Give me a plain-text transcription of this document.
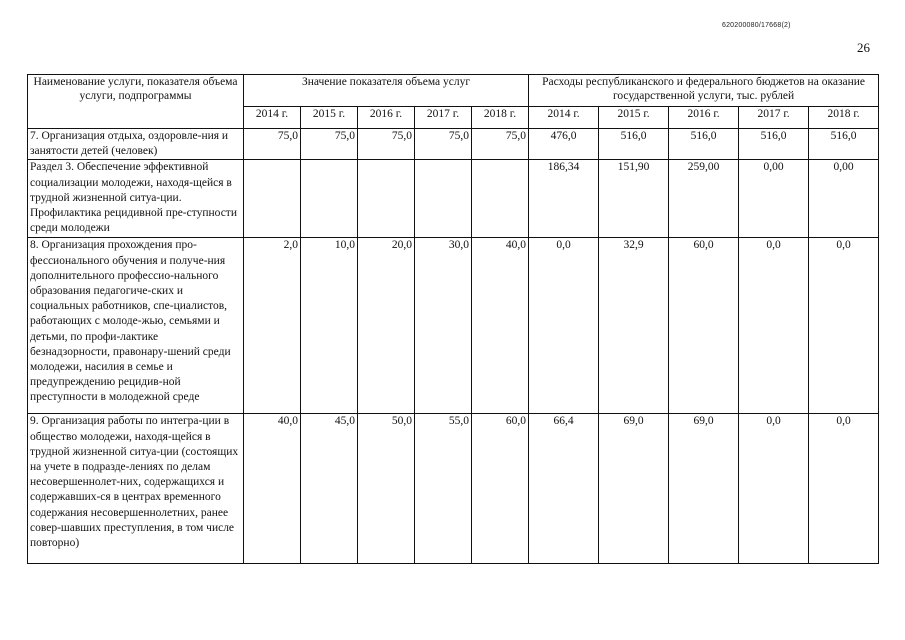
620200080/17668(2)
26
Наименование услуги, показателя объема услуги, подпрограммы	Значение показателя объема услуг					Расходы республиканского и федерального бюджетов на оказание государственной услуги, тыс. рублей				
	2014 г.	2015 г.	2016 г.	2017 г.	2018 г.	2014 г.	2015 г.	2016 г.	2017 г.	2018 г.
7. Организация отдыха, оздоровле-ния и занятости детей (человек)	75,0	75,0	75,0	75,0	75,0	476,0	516,0	516,0	516,0	516,0
Раздел 3. Обеспечение эффективной социализации молодежи, находя-щейся в трудной жизненной ситуа-ции. Профилактика рецидивной пре-ступности среди молодежи						186,34	151,90	259,00	0,00	0,00
8. Организация прохождения про-фессионального обучения и получе-ния дополнительного профессио-нального образования педагогиче-ских и социальных работников, спе-циалистов, работающих с молоде-жью, семьями и детьми, по профи-лактике безнадзорности, правонару-шений среди молодежи, насилия в семье и предупреждению рецидив-ной преступности в молодежной среде	2,0	10,0	20,0	30,0	40,0	0,0	32,9	60,0	0,0	0,0
9. Организация работы по интегра-ции в общество молодежи, находя-щейся в трудной жизненной ситуа-ции (состоящих на учете в подразде-лениях по делам несовершеннолет-них, содержащихся и содержавших-ся в центрах временного содержания несовершеннолетних, ранее совер-шавших преступления, в том числе повторно)	40,0	45,0	50,0	55,0	60,0	66,4	69,0	69,0	0,0	0,0
